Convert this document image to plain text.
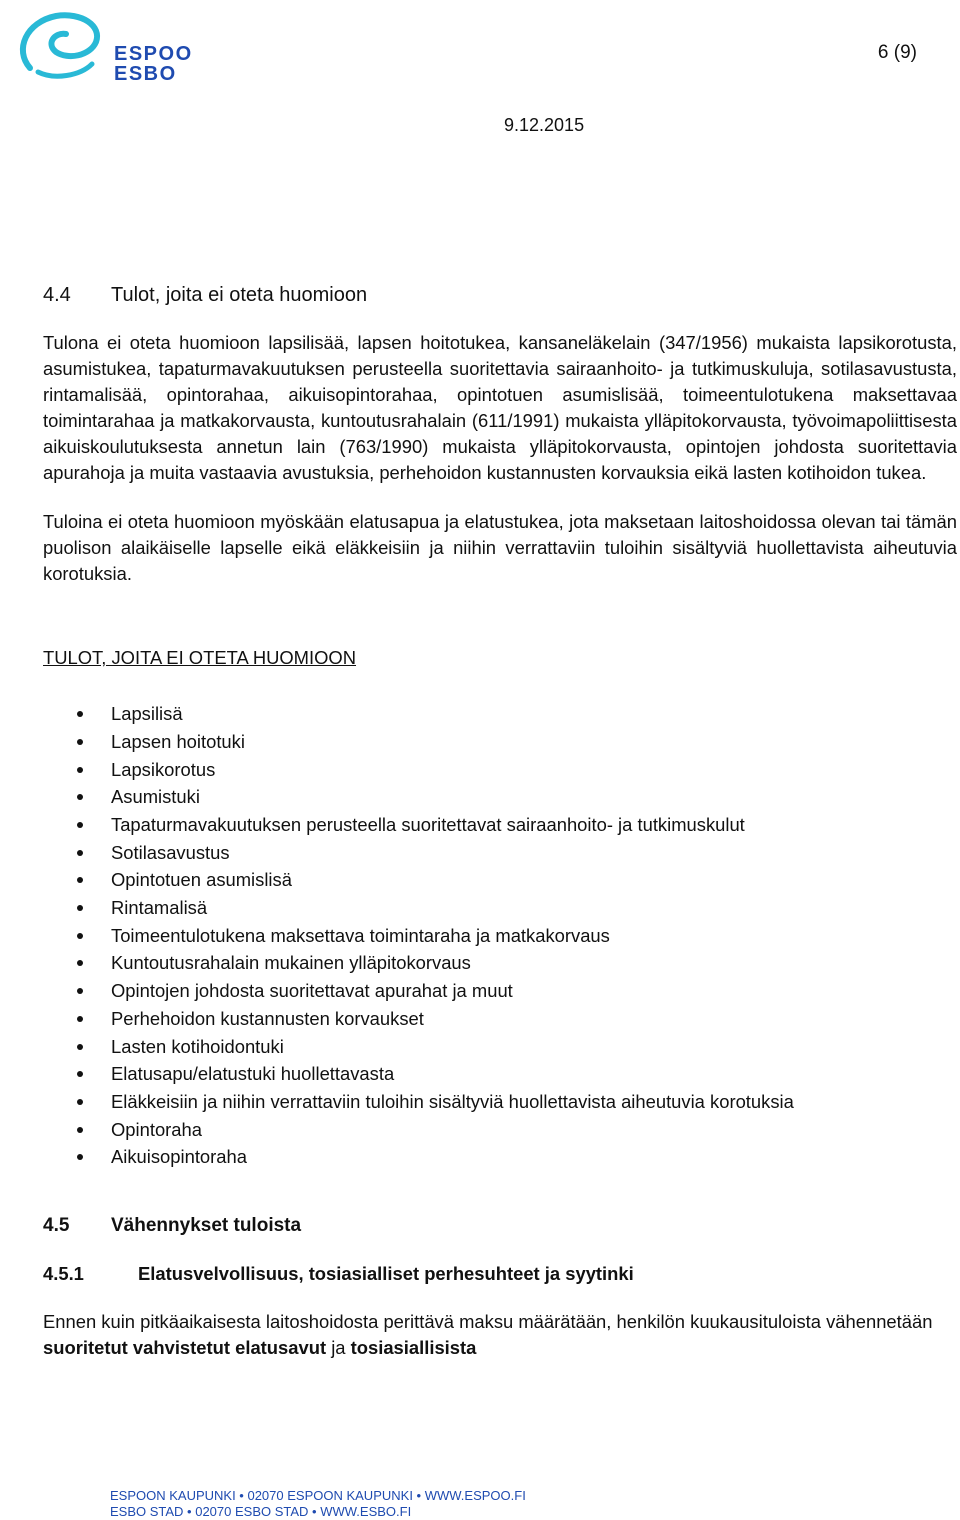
ESPOO
ESBO
6 (9)
9.12.2015
4.4 Tulot, joita ei oteta huomioon

Tulona ei oteta huomioon lapsilisää, lapsen hoitotukea, kansaneläkelain (347/1956) mukaista lapsikorotusta, asumistukea, tapaturmavakuutuksen perusteella suoritettavia sairaanhoito- ja tutkimuskuluja, sotilasavustusta, rintamalisää, opintorahaa, aikuisopintorahaa, opintotuen asumislisää, toimeentulotukena maksettavaa toimintarahaa ja matkakorvausta, kuntoutusrahalain (611/1991) mukaista ylläpitokorvausta, työvoimapoliittisesta aikuiskoulutuksesta annetun lain (763/1990) mukaista ylläpitokorvausta, opintojen johdosta suoritettavia apurahoja ja muita vastaavia avustuksia, perhehoidon kustannusten korvauksia eikä lasten kotihoidon tukea.

Tuloina ei oteta huomioon myöskään elatusapua ja elatustukea, jota maksetaan laitoshoidossa olevan tai tämän puolison alaikäiselle lapselle eikä eläkkeisiin ja niihin verrattaviin tuloihin sisältyviä huollettavista aiheutuvia korotuksia.

TULOT, JOITA EI OTETA HUOMIOON
Lapsilisä
Lapsen hoitotuki
Lapsikorotus
Asumistuki
Tapaturmavakuutuksen perusteella suoritettavat sairaanhoito- ja tutkimuskulut
Sotilasavustus
Opintotuen asumislisä
Rintamalisä
Toimeentulotukena maksettava toimintaraha ja matkakorvaus
Kuntoutusrahalain mukainen ylläpitokorvaus
Opintojen johdosta suoritettavat apurahat ja muut
Perhehoidon kustannusten korvaukset
Lasten kotihoidontuki
Elatusapu/elatustuki huollettavasta
Eläkkeisiin ja niihin verrattaviin tuloihin sisältyviä huollettavista aiheutuvia korotuksia
Opintoraha
Aikuisopintoraha
4.5 Vähennykset tuloista
4.5.1	Elatusvelvollisuus, tosiasialliset perhesuhteet ja syytinki

Ennen kuin pitkäaikaisesta laitoshoidosta perittävä maksu määrätään, henkilön kuukausituloista vähennetään suoritetut vahvistetut elatusavut ja tosiasiallisista

ESPOON KAUPUNKI • 02070 ESPOON KAUPUNKI • WWW.ESPOO.FI
ESBO STAD • 02070 ESBO STAD • WWW.ESBO.FI
